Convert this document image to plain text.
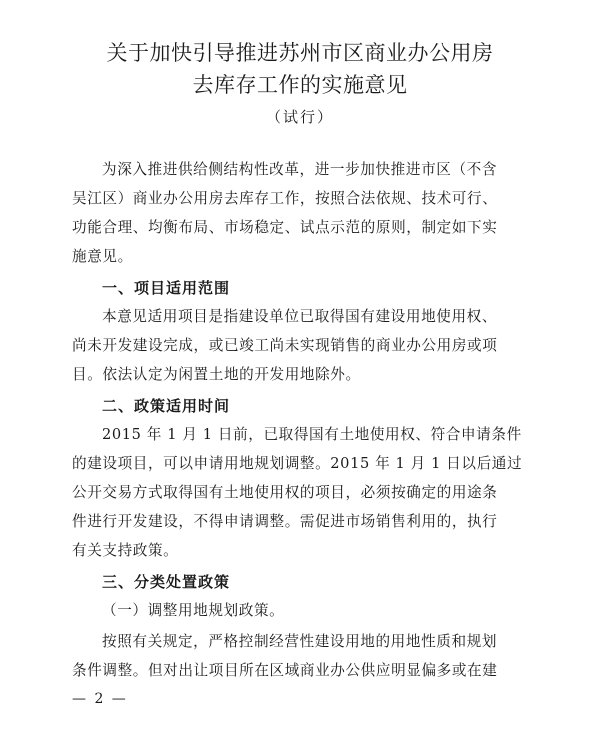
关于加快引导推进苏州市区商业办公用房
去库存工作的实施意见
（试行）
为深入推进供给侧结构性改革，进一步加快推进市区（不含
吴江区）商业办公用房去库存工作，按照合法依规、技术可行、
功能合理、均衡布局、市场稳定、试点示范的原则，制定如下实
施意见。
一、项目适用范围
本意见适用项目是指建设单位已取得国有建设用地使用权、
尚未开发建设完成，或已竣工尚未实现销售的商业办公用房或项
目。依法认定为闲置土地的开发用地除外。
二、政策适用时间
2015 年 1 月 1 日前，已取得国有土地使用权、符合申请条件
的建设项目，可以申请用地规划调整。2015 年 1 月 1 日以后通过
公开交易方式取得国有土地使用权的项目，必须按确定的用途条
件进行开发建设，不得申请调整。需促进市场销售利用的，执行
有关支持政策。
三、分类处置政策
（一）调整用地规划政策。
按照有关规定，严格控制经营性建设用地的用地性质和规划
条件调整。但对出让项目所在区域商业办公供应明显偏多或在建
— 2 —
